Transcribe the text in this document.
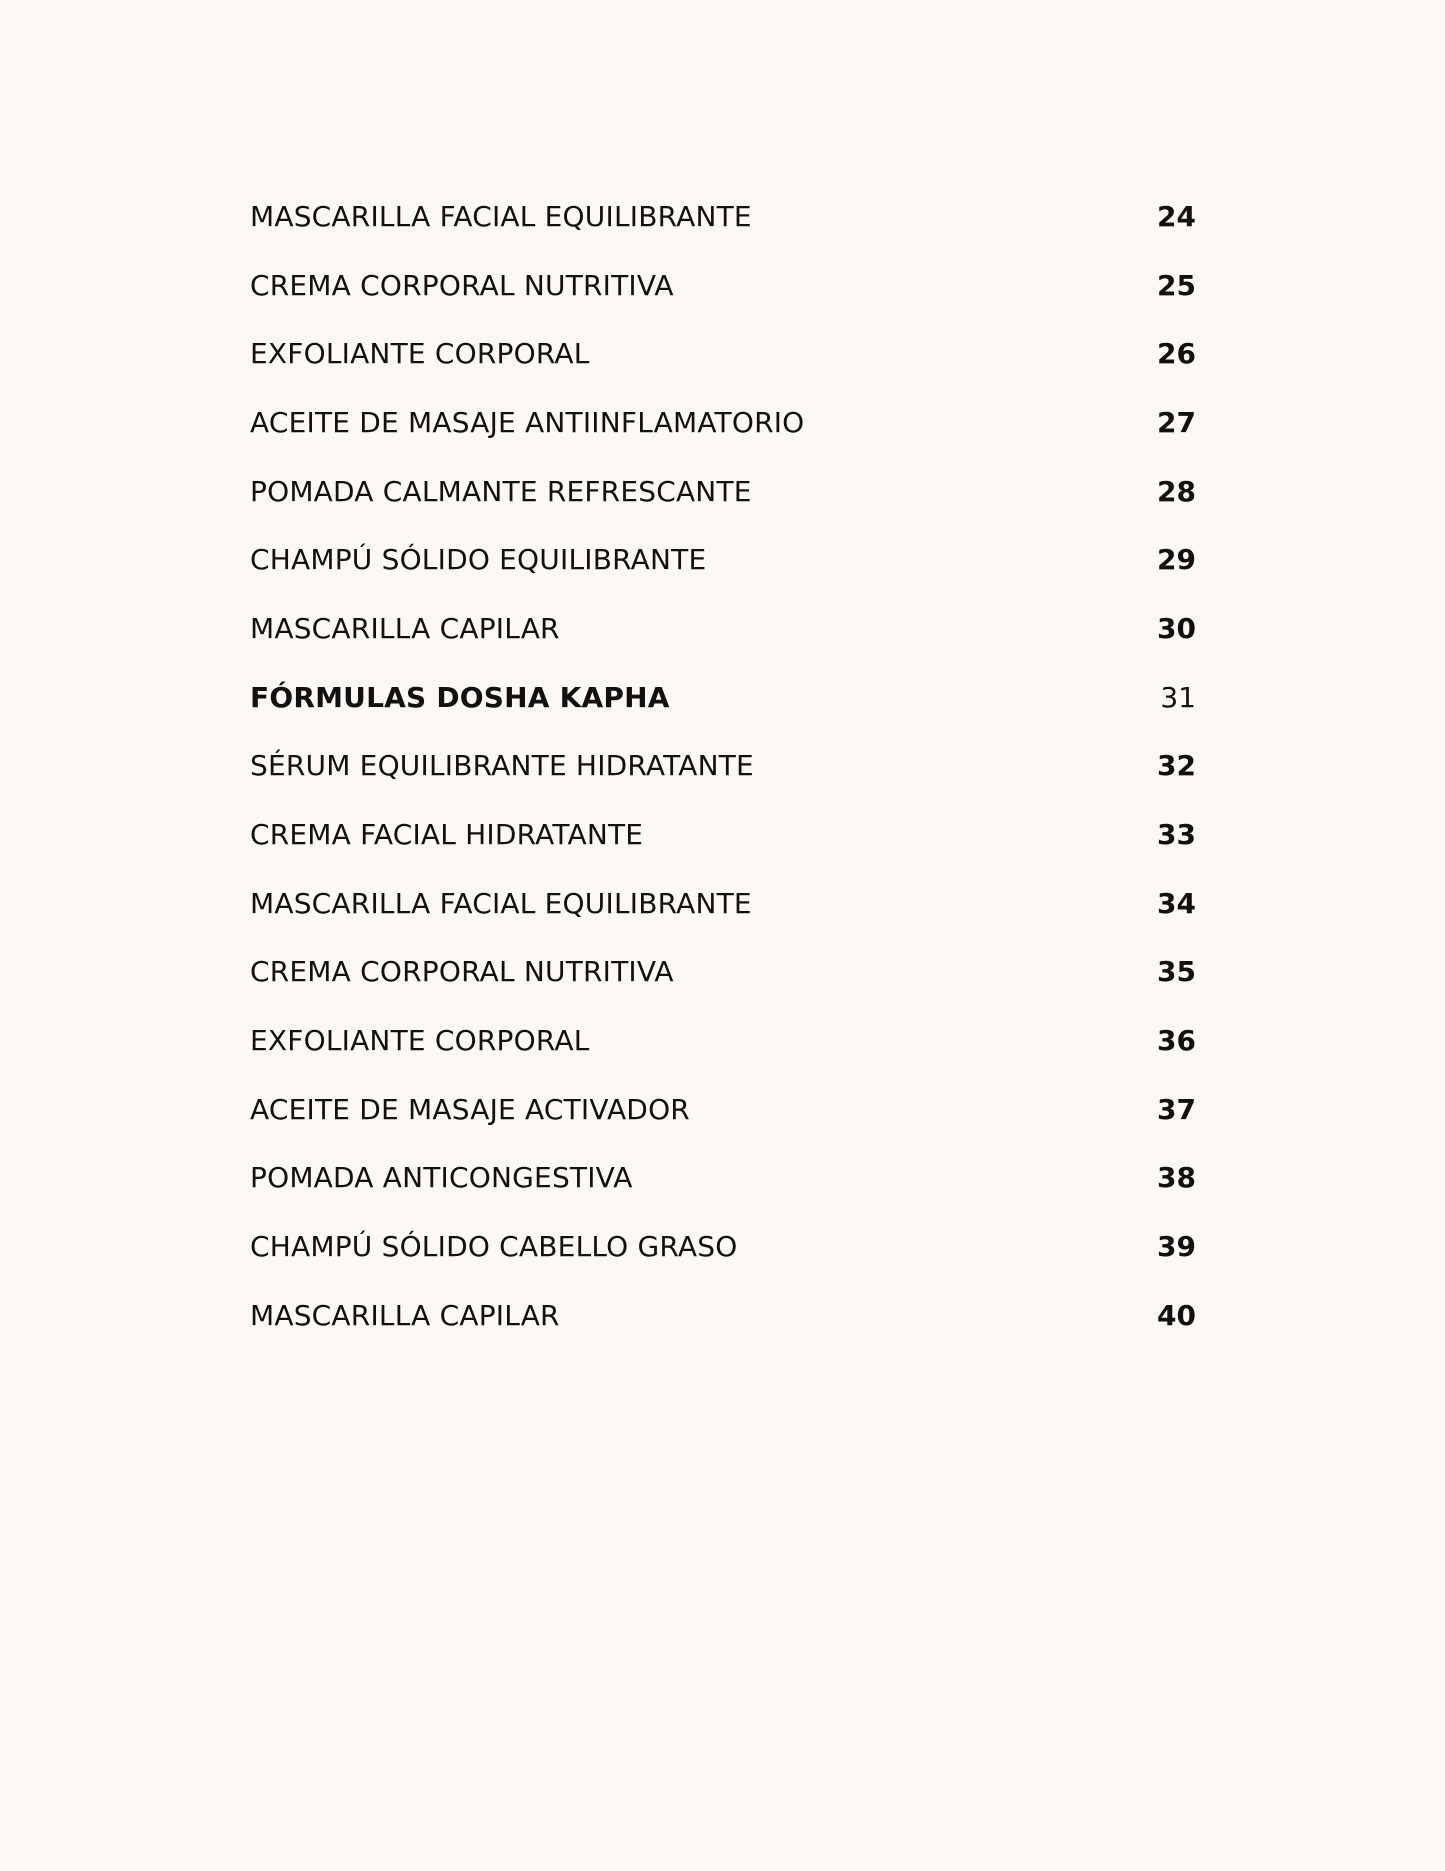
MASCARILLA FACIAL EQUILIBRANTE	24
CREMA CORPORAL NUTRITIVA	25
EXFOLIANTE CORPORAL	26
ACEITE DE MASAJE ANTIINFLAMATORIO	27
POMADA CALMANTE REFRESCANTE	28
CHAMPÚ SÓLIDO EQUILIBRANTE	29
MASCARILLA CAPILAR	30
FÓRMULAS DOSHA KAPHA	31
SÉRUM EQUILIBRANTE HIDRATANTE	32
CREMA FACIAL HIDRATANTE	33
MASCARILLA FACIAL EQUILIBRANTE	34
CREMA CORPORAL NUTRITIVA	35
EXFOLIANTE CORPORAL	36
ACEITE DE MASAJE ACTIVADOR	37
POMADA ANTICONGESTIVA	38
CHAMPÚ SÓLIDO CABELLO GRASO	39
MASCARILLA CAPILAR	40
